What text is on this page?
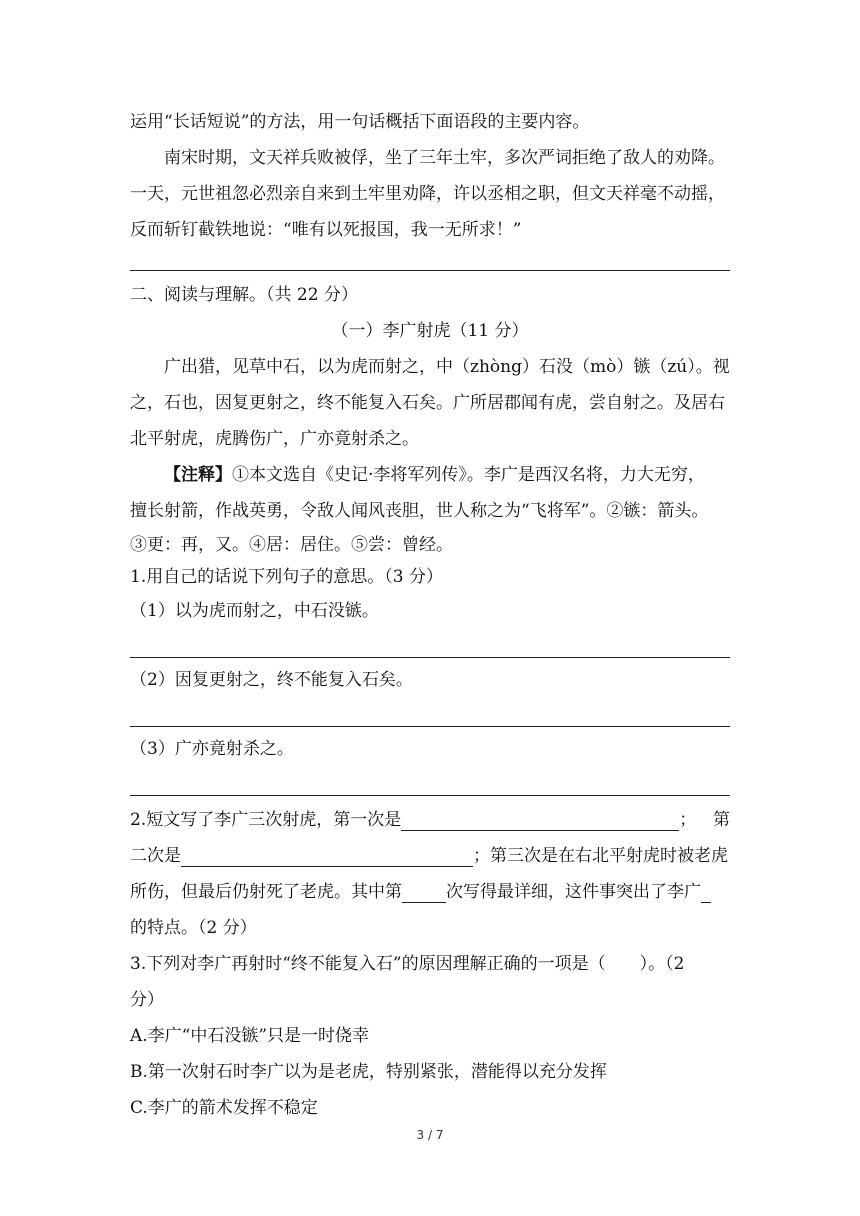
运用“长话短说”的方法，用一句话概括下面语段的主要内容。
南宋时期，文天祥兵败被俘，坐了三年土牢，多次严词拒绝了敌人的劝降。
一天，元世祖忽必烈亲自来到土牢里劝降，许以丞相之职，但文天祥毫不动摇，
反而斩钉截铁地说：“唯有以死报国，我一无所求！”
二、阅读与理解。（共 22 分）
（一）李广射虎（11 分）
广出猎，见草中石，以为虎而射之，中（zhòng）石没（mò）镞（zú）。视
之，石也，因复更射之，终不能复入石矣。广所居郡闻有虎，尝自射之。及居右
北平射虎，虎腾伤广，广亦竟射杀之。
【注释】①本文选自《史记·李将军列传》。李广是西汉名将，力大无穷，
擅长射箭，作战英勇，令敌人闻风丧胆，世人称之为“飞将军”。②镞：箭头。
③更：再，又。④居：居住。⑤尝：曾经。
1.用自己的话说下列句子的意思。（3 分）
（1）以为虎而射之，中石没镞。
（2）因复更射之，终不能复入石矣。
（3）广亦竟射杀之。
2.短文写了李广三次射虎，第一次是	； 第
二次是	；第三次是在右北平射虎时被老虎
所伤，但最后仍射死了老虎。其中第	次写得最详细，这件事突出了李广
的特点。（2 分）
3.下列对李广再射时“终不能复入石”的原因理解正确的一项是（　　）。（2
分）
A.李广“中石没镞”只是一时侥幸
B.第一次射石时李广以为是老虎，特别紧张，潜能得以充分发挥
C.李广的箭术发挥不稳定
3 / 7
